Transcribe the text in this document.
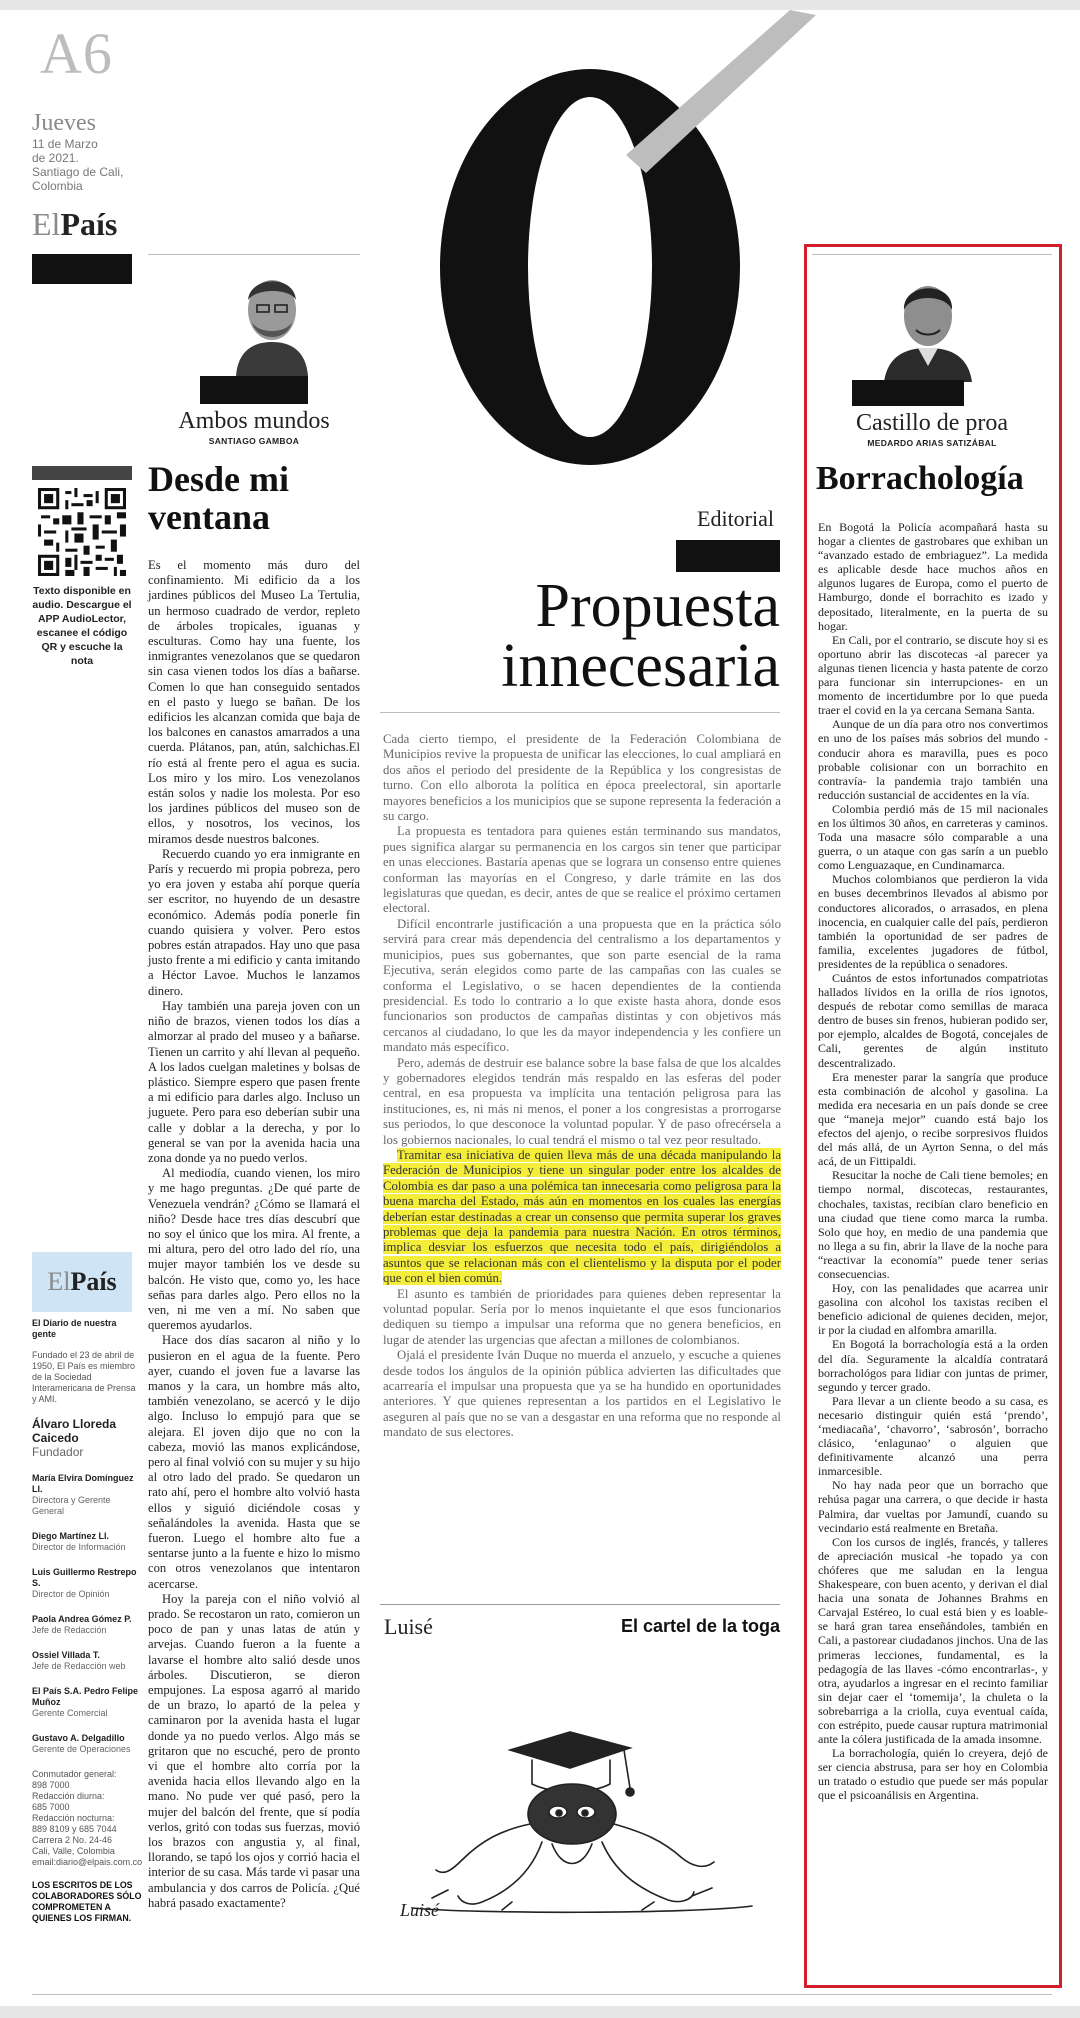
A6
Jueves
11 de Marzo
de 2021.
Santiago de Cali,
Colombia
ElPaís
Texto disponible en audio. Descargue el APP AudioLector, escanee el código QR y escuche la nota
El País
El Diario de nuestra gente
Fundado el 23 de abril de 1950, El País es miembro de la Sociedad Interamericana de Prensa y AMI.
Álvaro Lloreda Caicedo
Fundador
María Elvira Domínguez Ll.
Directora y Gerente General
Diego Martínez Ll.
Director de Información
Luis Guillermo Restrepo S.
Director de Opinión
Paola Andrea Gómez P.
Jefe de Redacción
Ossiel Villada T.
Jefe de Redacción web
El País S.A. Pedro Felipe Muñoz
Gerente Comercial
Gustavo A. Delgadillo
Gerente de Operaciones
Conmutador general:
898 7000
Redacción diurna:
685 7000
Redacción nocturna:
889 8109 y 685 7044
Carrera 2 No. 24-46
Cali, Valle, Colombia
email:diario@elpais.com.co
LOS ESCRITOS DE LOS COLABORADORES SÓLO COMPROMETEN A QUIENES LOS FIRMAN.
Ambos mundos
SANTIAGO GAMBOA
Desde mi ventana

Es el momento más duro del confinamiento. Mi edificio da a los jardines públicos del Museo La Tertulia, un hermoso cuadrado de verdor, repleto de árboles tropicales, iguanas y esculturas. Como hay una fuente, los inmigrantes venezolanos que se quedaron sin casa vienen todos los días a bañarse. Comen lo que han conseguido sentados en el pasto y luego se bañan. De los edificios les alcanzan comida que baja de los balcones en canastos amarrados a una cuerda. Plátanos, pan, atún, salchichas.El río está al frente pero el agua es sucia. Los miro y los miro. Los venezolanos están solos y nadie los molesta. Por eso los jardines públicos del museo son de ellos, y nosotros, los vecinos, los miramos desde nuestros balcones.

Recuerdo cuando yo era inmigrante en París y recuerdo mi propia pobreza, pero yo era joven y estaba ahí porque quería ser escritor, no huyendo de un desastre económico. Además podía ponerle fin cuando quisiera y volver. Pero estos pobres están atrapados. Hay uno que pasa justo frente a mi edificio y canta imitando a Héctor Lavoe. Muchos le lanzamos dinero.

Hay también una pareja joven con un niño de brazos, vienen todos los días a almorzar al prado del museo y a bañarse. Tienen un carrito y ahí llevan al pequeño. A los lados cuelgan maletines y bolsas de plástico. Siempre espero que pasen frente a mi edificio para darles algo. Incluso un juguete. Pero para eso deberían subir una calle y doblar a la derecha, y por lo general se van por la avenida hacia una zona donde ya no puedo verlos.

Al mediodía, cuando vienen, los miro y me hago preguntas. ¿De qué parte de Venezuela vendrán? ¿Cómo se llamará el niño? Desde hace tres días descubrí que no soy el único que los mira. Al frente, a mi altura, pero del otro lado del río, una mujer mayor también los ve desde su balcón. He visto que, como yo, les hace señas para darles algo. Pero ellos no la ven, ni me ven a mí. No saben que queremos ayudarlos.

Hace dos días sacaron al niño y lo pusieron en el agua de la fuente. Pero ayer, cuando el joven fue a lavarse las manos y la cara, un hombre más alto, también venezolano, se acercó y le dijo algo. Incluso lo empujó para que se alejara. El joven dijo que no con la cabeza, movió las manos explicándose, pero al final volvió con su mujer y su hijo al otro lado del prado. Se quedaron un rato ahí, pero el hombre alto volvió hasta ellos y siguió diciéndole cosas y señalándoles la avenida. Hasta que se fueron. Luego el hombre alto fue a sentarse junto a la fuente e hizo lo mismo con otros venezolanos que intentaron acercarse.

Hoy la pareja con el niño volvió al prado. Se recostaron un rato, comieron un poco de pan y unas latas de atún y arvejas. Cuando fueron a la fuente a lavarse el hombre alto salió desde unos árboles. Discutieron, se dieron empujones. La esposa agarró al marido de un brazo, lo apartó de la pelea y caminaron por la avenida hasta el lugar donde ya no puedo verlos. Algo más se gritaron que no escuché, pero de pronto vi que el hombre alto corría por la avenida hacia ellos llevando algo en la mano. No pude ver qué pasó, pero la mujer del balcón del frente, que sí podía verlos, gritó con todas sus fuerzas, movió los brazos con angustia y, al final, llorando, se tapó los ojos y corrió hacia el interior de su casa. Más tarde vi pasar una ambulancia y dos carros de Policía. ¿Qué habrá pasado exactamente?

Editorial
Propuesta
innecesaria

Cada cierto tiempo, el presidente de la Federación Colombiana de Municipios revive la propuesta de unificar las elecciones, lo cual ampliará en dos años el periodo del presidente de la República y los congresistas de turno. Con ello alborota la política en época preelectoral, sin aportarle mayores beneficios a los municipios que se supone representa la federación a su cargo.

La propuesta es tentadora para quienes están terminando sus mandatos, pues significa alargar su permanencia en los cargos sin tener que participar en unas elecciones. Bastaría apenas que se lograra un consenso entre quienes conforman las mayorías en el Congreso, y darle trámite en las dos legislaturas que quedan, es decir, antes de que se realice el próximo certamen electoral.

Difícil encontrarle justificación a una propuesta que en la práctica sólo servirá para crear más dependencia del centralismo a los departamentos y municipios, pues sus gobernantes, que son parte esencial de la rama Ejecutiva, serán elegidos como parte de las campañas con las cuales se conforma el Legislativo, o se hacen dependientes de la contienda presidencial. Es todo lo contrario a lo que existe hasta ahora, donde esos funcionarios son productos de campañas distintas y con objetivos más cercanos al ciudadano, lo que les da mayor independencia y les confiere un mandato más específico.

Pero, además de destruir ese balance sobre la base falsa de que los alcaldes y gobernadores elegidos tendrán más respaldo en las esferas del poder central, en esa propuesta va implícita una tentación peligrosa para las instituciones, es, ni más ni menos, el poner a los congresistas a prorrogarse sus periodos, lo que desconoce la voluntad popular. Y de paso ofrecérsela a los gobiernos nacionales, lo cual tendrá el mismo o tal vez peor resultado.

Tramitar esa iniciativa de quien lleva más de una década manipulando la Federación de Municipios y tiene un singular poder entre los alcaldes de Colombia es dar paso a una polémica tan innecesaria como peligrosa para la buena marcha del Estado, más aún en momentos en los cuales las energías deberían estar destinadas a crear un consenso que permita superar los graves problemas que deja la pandemia para nuestra Nación. En otros términos, implica desviar los esfuerzos que necesita todo el país, dirigiéndolos a asuntos que se relacionan más con el clientelismo y la disputa por el poder que con el bien común.

El asunto es también de prioridades para quienes deben representar la voluntad popular. Sería por lo menos inquietante el que esos funcionarios dediquen su tiempo a impulsar una reforma que no genera beneficios, en lugar de atender las urgencias que afectan a millones de colombianos.

Ojalá el presidente Iván Duque no muerda el anzuelo, y escuche a quienes desde todos los ángulos de la opinión pública advierten las dificultades que acarrearía el impulsar una propuesta que ya se ha hundido en oportunidades anteriores. Y que quienes representan a los partidos en el Legislativo le aseguren al país que no se van a desgastar en una reforma que no responde al mandato de sus electores.

Luisé	El cartel de la toga
Luisé
Castillo de proa
MEDARDO ARIAS SATIZÁBAL
Borrachología

En Bogotá la Policía acompañará hasta su hogar a clientes de gastrobares que exhiban un “avanzado estado de embriaguez”. La medida es aplicable desde hace muchos años en algunos lugares de Europa, como el puerto de Hamburgo, donde el borrachito es izado y depositado, literalmente, en la puerta de su hogar.

En Cali, por el contrario, se discute hoy si es oportuno abrir las discotecas -al parecer ya algunas tienen licencia y hasta patente de corzo para funcionar sin interrupciones- en un momento de incertidumbre por lo que pueda traer el covid en la ya cercana Semana Santa.

Aunque de un día para otro nos convertimos en uno de los países más sobrios del mundo -conducir ahora es maravilla, pues es poco probable colisionar con un borrachito en contravía- la pandemia trajo también una reducción sustancial de accidentes en la vía.

Colombia perdió más de 15 mil nacionales en los últimos 30 años, en carreteras y caminos. Toda una masacre sólo comparable a una guerra, o un ataque con gas sarín a un pueblo como Lenguazaque, en Cundinamarca.

Muchos colombianos que perdieron la vida en buses decembrinos llevados al abismo por conductores alicorados, o arrasados, en plena inocencia, en cualquier calle del país, perdieron también la oportunidad de ser padres de familia, excelentes jugadores de fútbol, presidentes de la república o senadores.

Cuántos de estos infortunados compatriotas hallados lívidos en la orilla de ríos ignotos, después de rebotar como semillas de maraca dentro de buses sin frenos, hubieran podido ser, por ejemplo, alcaldes de Bogotá, concejales de Cali, gerentes de algún instituto descentralizado.

Era menester parar la sangría que produce esta combinación de alcohol y gasolina. La medida era necesaria en un país donde se cree que “maneja mejor” cuando está bajo los efectos del ajenjo, o recibe sorpresivos fluidos del más allá, de un Ayrton Senna, o del más acá, de un Fittipaldi.

Resucitar la noche de Cali tiene bemoles; en tiempo normal, discotecas, restaurantes, chochales, taxistas, recibían claro beneficio en una ciudad que tiene como marca la rumba. Solo que hoy, en medio de una pandemia que no llega a su fin, abrir la llave de la noche para “reactivar la economía” puede tener serias consecuencias.

Hoy, con las penalidades que acarrea unir gasolina con alcohol los taxistas reciben el beneficio adicional de quienes deciden, mejor, ir por la ciudad en alfombra amarilla.

En Bogotá la borrachología está a la orden del día. Seguramente la alcaldía contratará borrachológos para lidiar con juntas de primer, segundo y tercer grado.

Para llevar a un cliente beodo a su casa, es necesario distinguir quién está ‘prendo’, ‘mediacaña’, ‘chavorro’, ‘sabrosón’, borracho clásico, ‘enlagunao’ o alguien que definitivamente alcanzó una perra inmarcesible.

No hay nada peor que un borracho que rehúsa pagar una carrera, o que decide ir hasta Palmira, dar vueltas por Jamundí, cuando su vecindario está realmente en Bretaña.

Con los cursos de inglés, francés, y talleres de apreciación musical -he topado ya con chóferes que me saludan en la lengua Shakespeare, con buen acento, y derivan el dial hacia una sonata de Johannes Brahms en Carvajal Estéreo, lo cual está bien y es loable- se hará gran tarea enseñándoles, también en Cali, a pastorear ciudadanos jinchos. Una de las primeras lecciones, fundamental, es la pedagogía de las llaves -cómo encontrarlas-, y otra, ayudarlos a ingresar en el recinto familiar sin dejar caer el ‘tomemija’, la chuleta o la sobrebarriga a la criolla, cuya eventual caída, con estrépito, puede causar ruptura matrimonial ante la cólera justificada de la amada insomne.

La borrachología, quién lo creyera, dejó de ser ciencia abstrusa, para ser hoy en Colombia un tratado o estudio que puede ser más popular que el psicoanálisis en Argentina.
